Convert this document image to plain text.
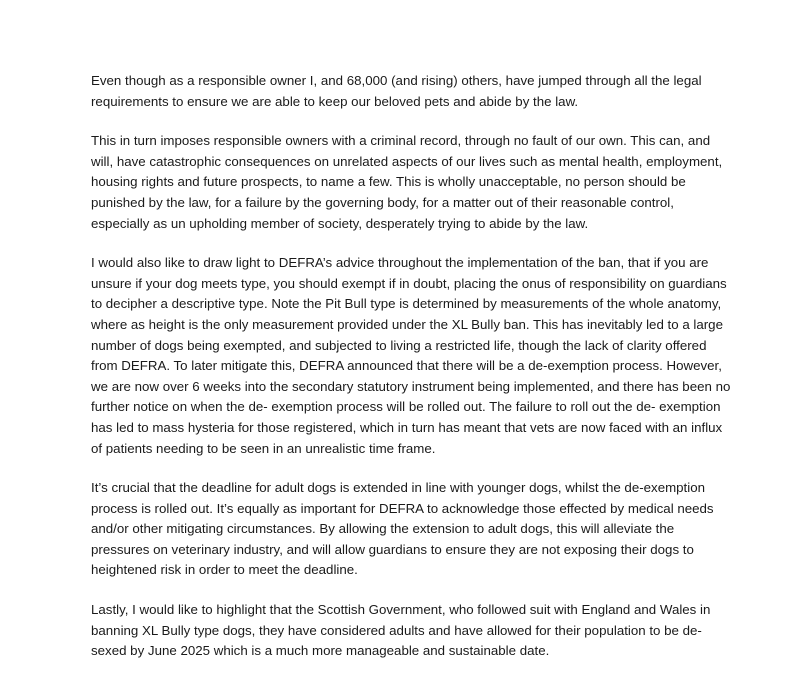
Even though as a responsible owner I, and 68,000 (and rising) others, have jumped through all the legal requirements to ensure we are able to keep our beloved pets and abide by the law.

This in turn imposes responsible owners with a criminal record, through no fault of our own. This can, and will, have catastrophic consequences on unrelated aspects of our lives such as mental health, employment, housing rights and future prospects, to name a few. This is wholly unacceptable, no person should be punished by the law, for a failure by the governing body, for a matter out of their reasonable control, especially as un upholding member of society, desperately trying to abide by the law.

I would also like to draw light to DEFRA’s advice throughout the implementation of the ban, that if you are unsure if your dog meets type, you should exempt if in doubt, placing the onus of responsibility on guardians to decipher a descriptive type. Note the Pit Bull type is determined by measurements of the whole anatomy, where as height is the only measurement provided under the XL Bully ban. This has inevitably led to a large number of dogs being exempted, and subjected to living a restricted life, though the lack of clarity offered from DEFRA. To later mitigate this, DEFRA announced that there will be a de-exemption process. However, we are now over 6 weeks into the secondary statutory instrument being implemented, and there has been no further notice on when the de- exemption process will be rolled out. The failure to roll out the de- exemption has led to mass hysteria for those registered, which in turn has meant that vets are now faced with an influx of patients needing to be seen in an unrealistic time frame.

It’s crucial that the deadline for adult dogs is extended in line with younger dogs, whilst the de-exemption process is rolled out. It’s equally as important for DEFRA to acknowledge those effected by medical needs and/or other mitigating circumstances. By allowing the extension to adult dogs, this will alleviate the pressures on veterinary industry, and will allow guardians to ensure they are not exposing their dogs to heightened risk in order to meet the deadline.

Lastly, I would like to highlight that the Scottish Government, who followed suit with England and Wales in banning XL Bully type dogs, they have considered adults and have allowed for their population to be de-sexed by June 2025 which is a much more manageable and sustainable date.
